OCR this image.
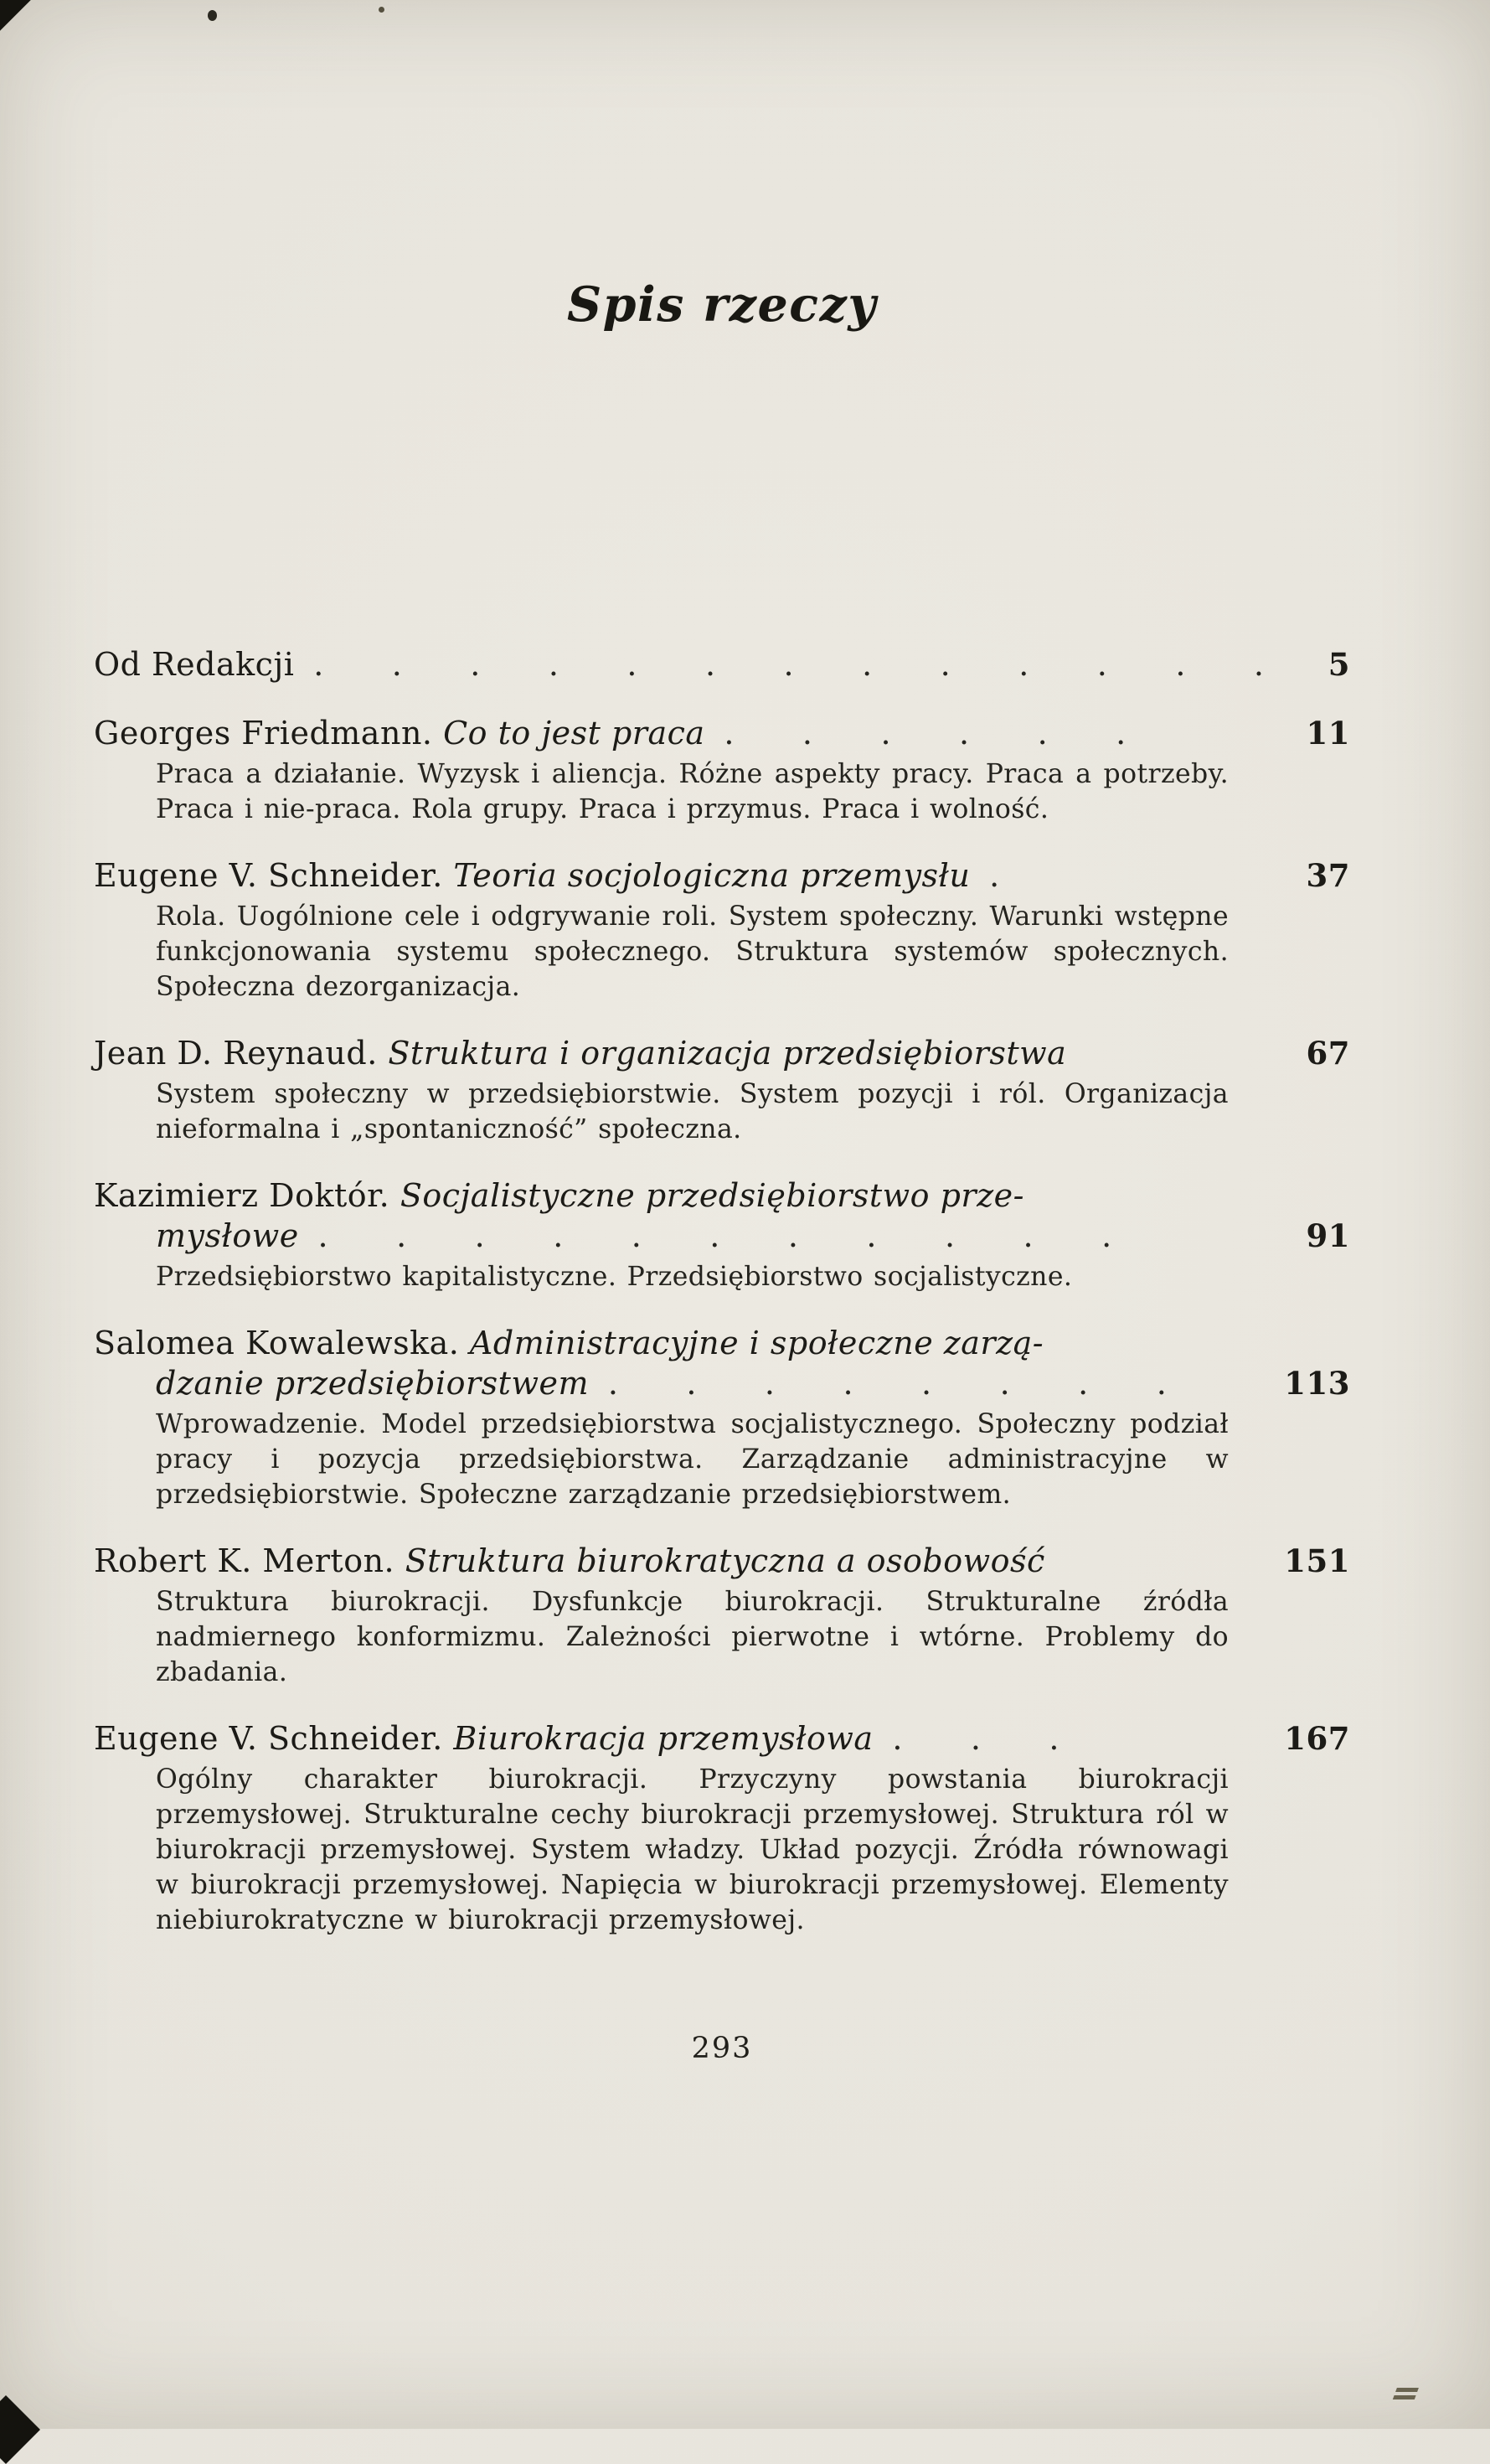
Spis rzeczy
Od Redakcji . . . . . . . . . . . . .	5
Georges Friedmann. Co to jest praca . . . . . .	11
Praca a działanie. Wyzysk i aliencja. Różne aspekty pracy. Praca a potrzeby. Praca i nie-praca. Rola grupy. Praca i przymus. Praca i wolność.
Eugene V. Schneider. Teoria socjologiczna przemysłu .	37
Rola. Uogólnione cele i odgrywanie roli. System społeczny. Warunki wstępne funkcjonowania systemu społecznego. Struktura systemów społecznych. Społeczna dezorganizacja.
Jean D. Reynaud. Struktura i organizacja przedsiębiorstwa	67
System społeczny w przedsiębiorstwie. System pozycji i ról. Organizacja nieformalna i „spontaniczność” społeczna.
Kazimierz Doktór. Socjalistyczne przedsiębiorstwo prze-
mysłowe . . . . . . . . . . .	91
Przedsiębiorstwo kapitalistyczne. Przedsiębiorstwo socjalistyczne.
Salomea Kowalewska. Administracyjne i społeczne zarzą-
dzanie przedsiębiorstwem . . . . . . . .	113
Wprowadzenie. Model przedsiębiorstwa socjalistycznego. Społeczny podział pracy i pozycja przedsiębiorstwa. Zarządzanie administracyjne w przedsiębiorstwie. Społeczne zarządzanie przedsiębiorstwem.
Robert K. Merton. Struktura biurokratyczna a osobowość	151
Struktura biurokracji. Dysfunkcje biurokracji. Strukturalne źródła nadmiernego konformizmu. Zależności pierwotne i wtórne. Problemy do zbadania.
Eugene V. Schneider. Biurokracja przemysłowa . . .	167
Ogólny charakter biurokracji. Przyczyny powstania biurokracji przemysłowej. Strukturalne cechy biurokracji przemysłowej. Struktura ról w biurokracji przemysłowej. System władzy. Układ pozycji. Źródła równowagi w biurokracji przemysłowej. Napięcia w biurokracji przemysłowej. Elementy niebiurokratyczne w biurokracji przemysłowej.
293
